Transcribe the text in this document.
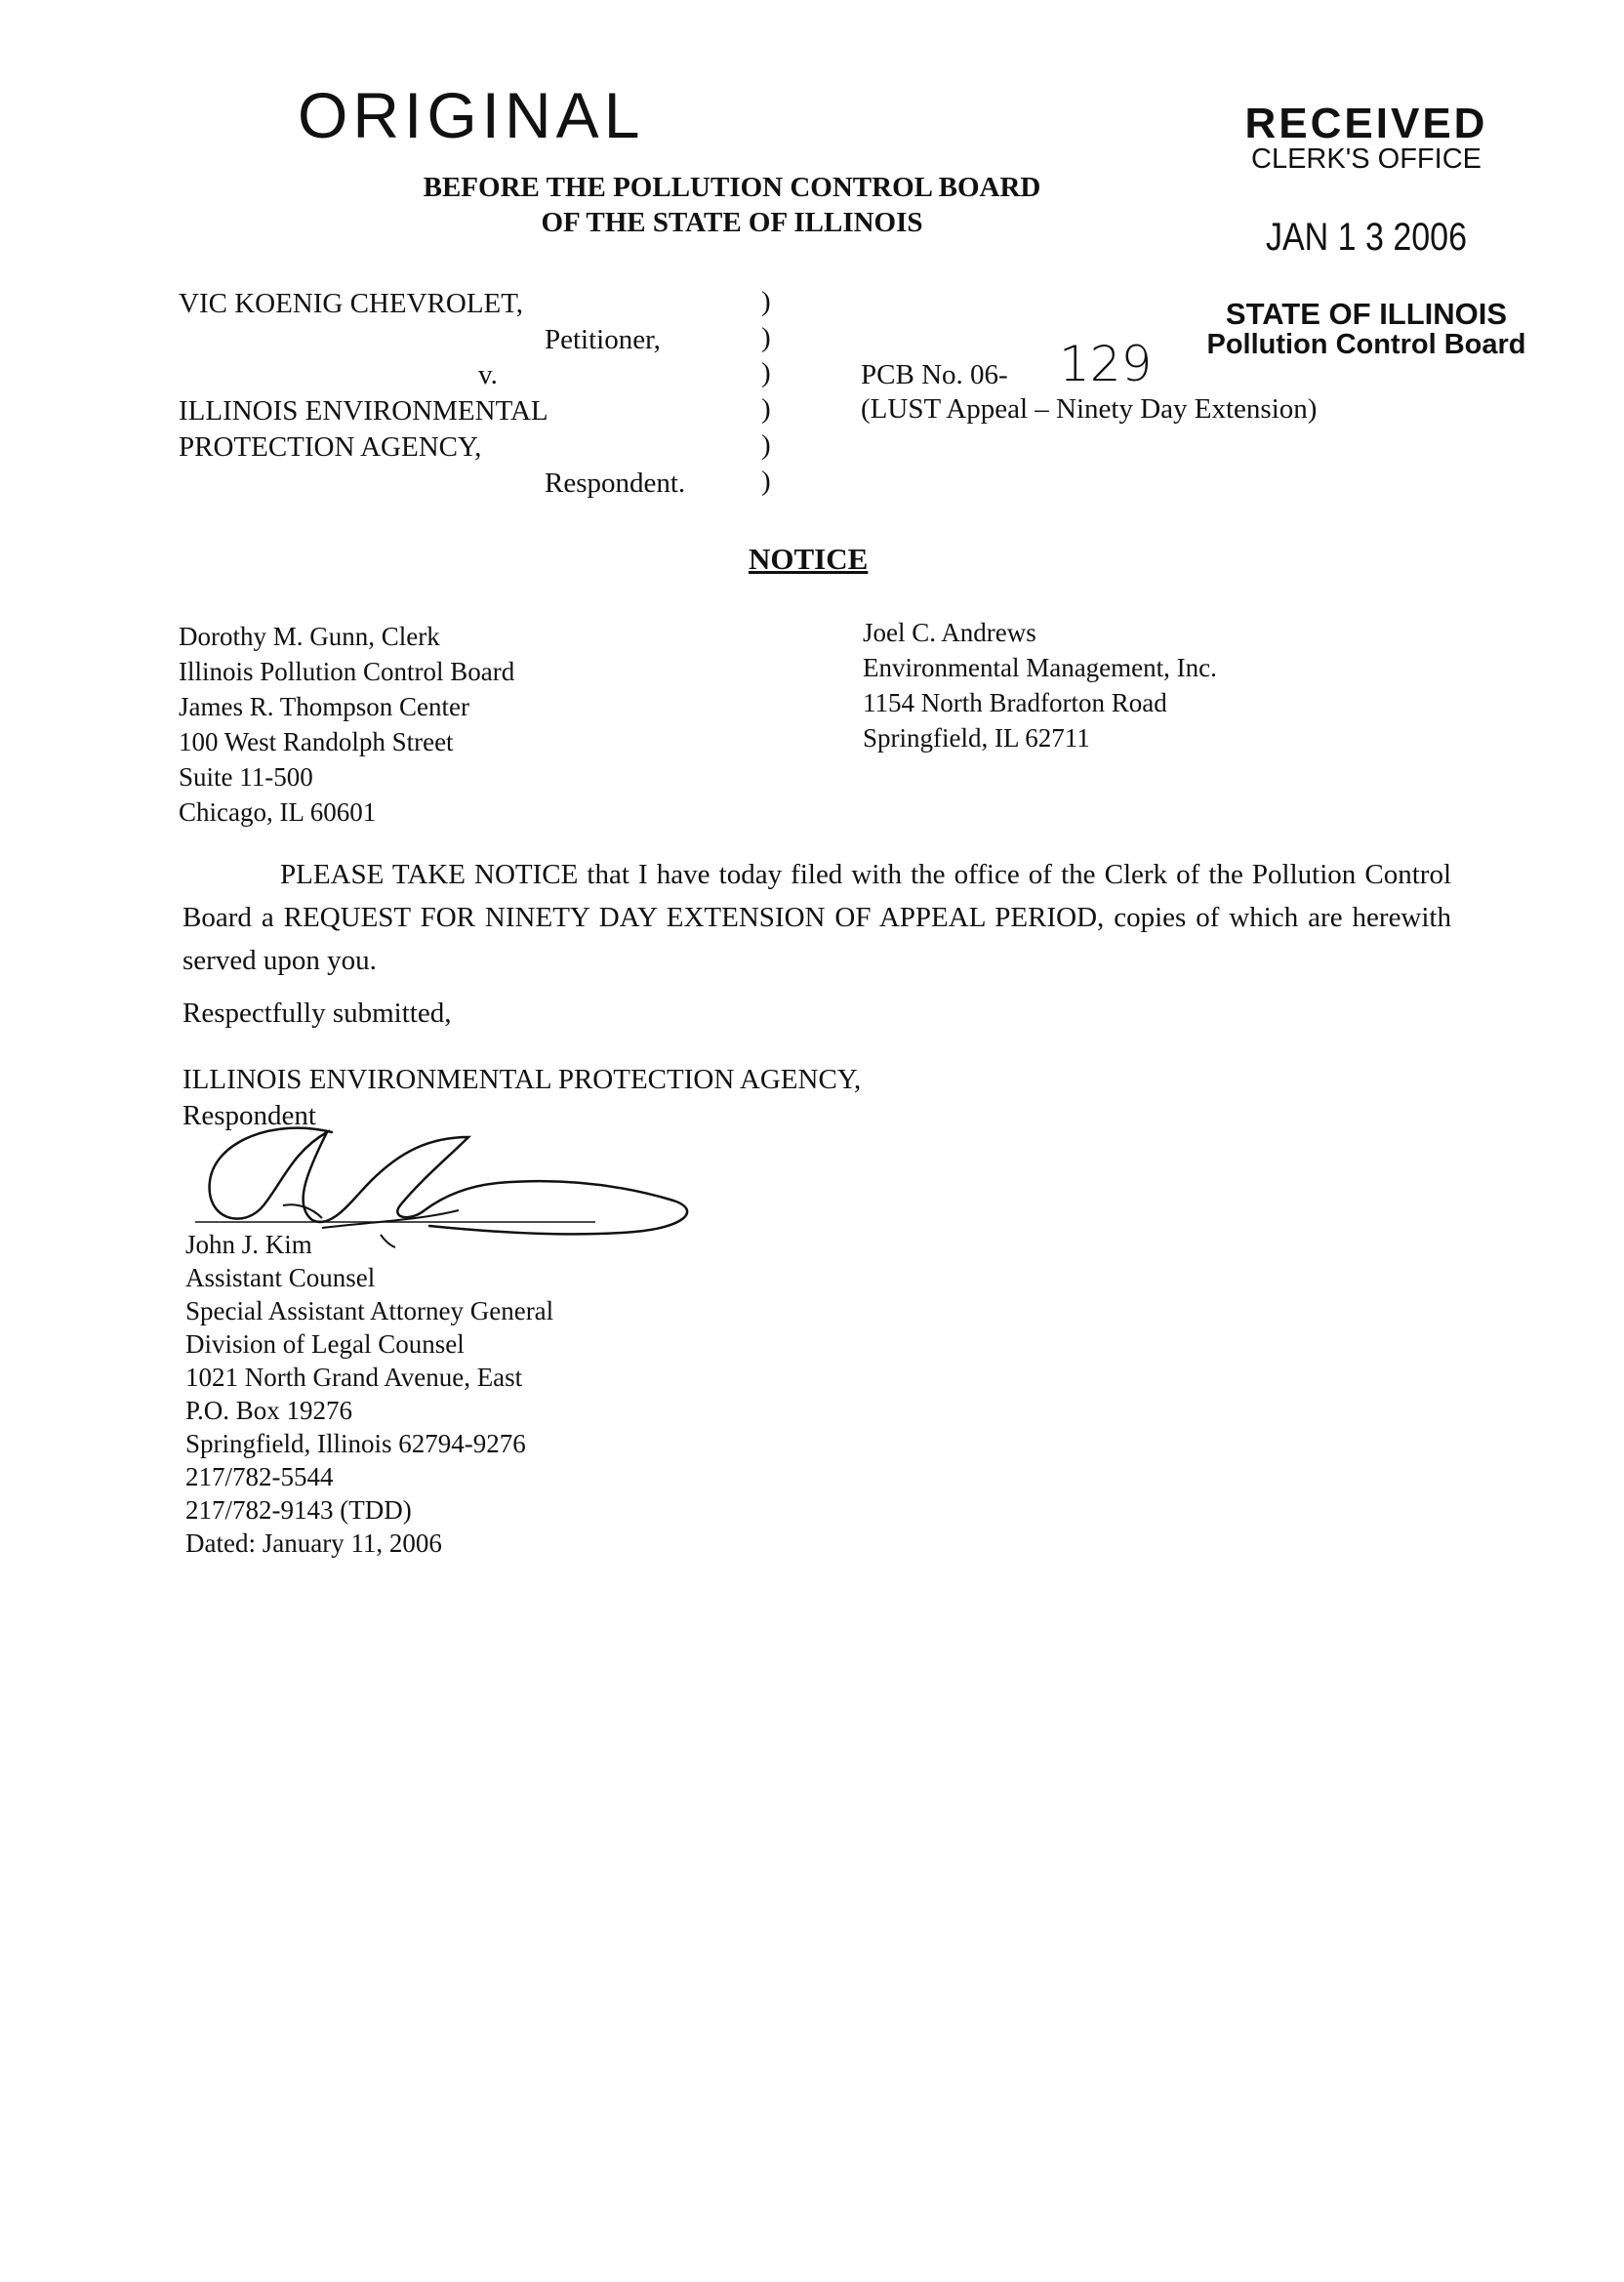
ORIGINAL	RECEIVED
CLERK'S OFFICE
JAN 1 3 2006
STATE OF ILLINOIS
Pollution Control Board
BEFORE THE POLLUTION CONTROL BOARD
OF THE STATE OF ILLINOIS
VIC KOENIG CHEVROLET,
Petitioner,
v.
ILLINOIS ENVIRONMENTAL
PROTECTION AGENCY,
Respondent.
)
)
)
)
)
)
PCB No. 06- 129
(LUST Appeal – Ninety Day Extension)
NOTICE
Dorothy M. Gunn, Clerk
Illinois Pollution Control Board
James R. Thompson Center
100 West Randolph Street
Suite 11-500
Chicago, IL 60601
Joel C. Andrews
Environmental Management, Inc.
1154 North Bradforton Road
Springfield, IL 62711
PLEASE TAKE NOTICE that I have today filed with the office of the Clerk of the Pollution Control Board a REQUEST FOR NINETY DAY EXTENSION OF APPEAL PERIOD, copies of which are herewith served upon you.
Respectfully submitted,
ILLINOIS ENVIRONMENTAL PROTECTION AGENCY,
Respondent
John J. Kim
Assistant Counsel
Special Assistant Attorney General
Division of Legal Counsel
1021 North Grand Avenue, East
P.O. Box 19276
Springfield, Illinois 62794-9276
217/782-5544
217/782-9143 (TDD)
Dated: January 11, 2006
